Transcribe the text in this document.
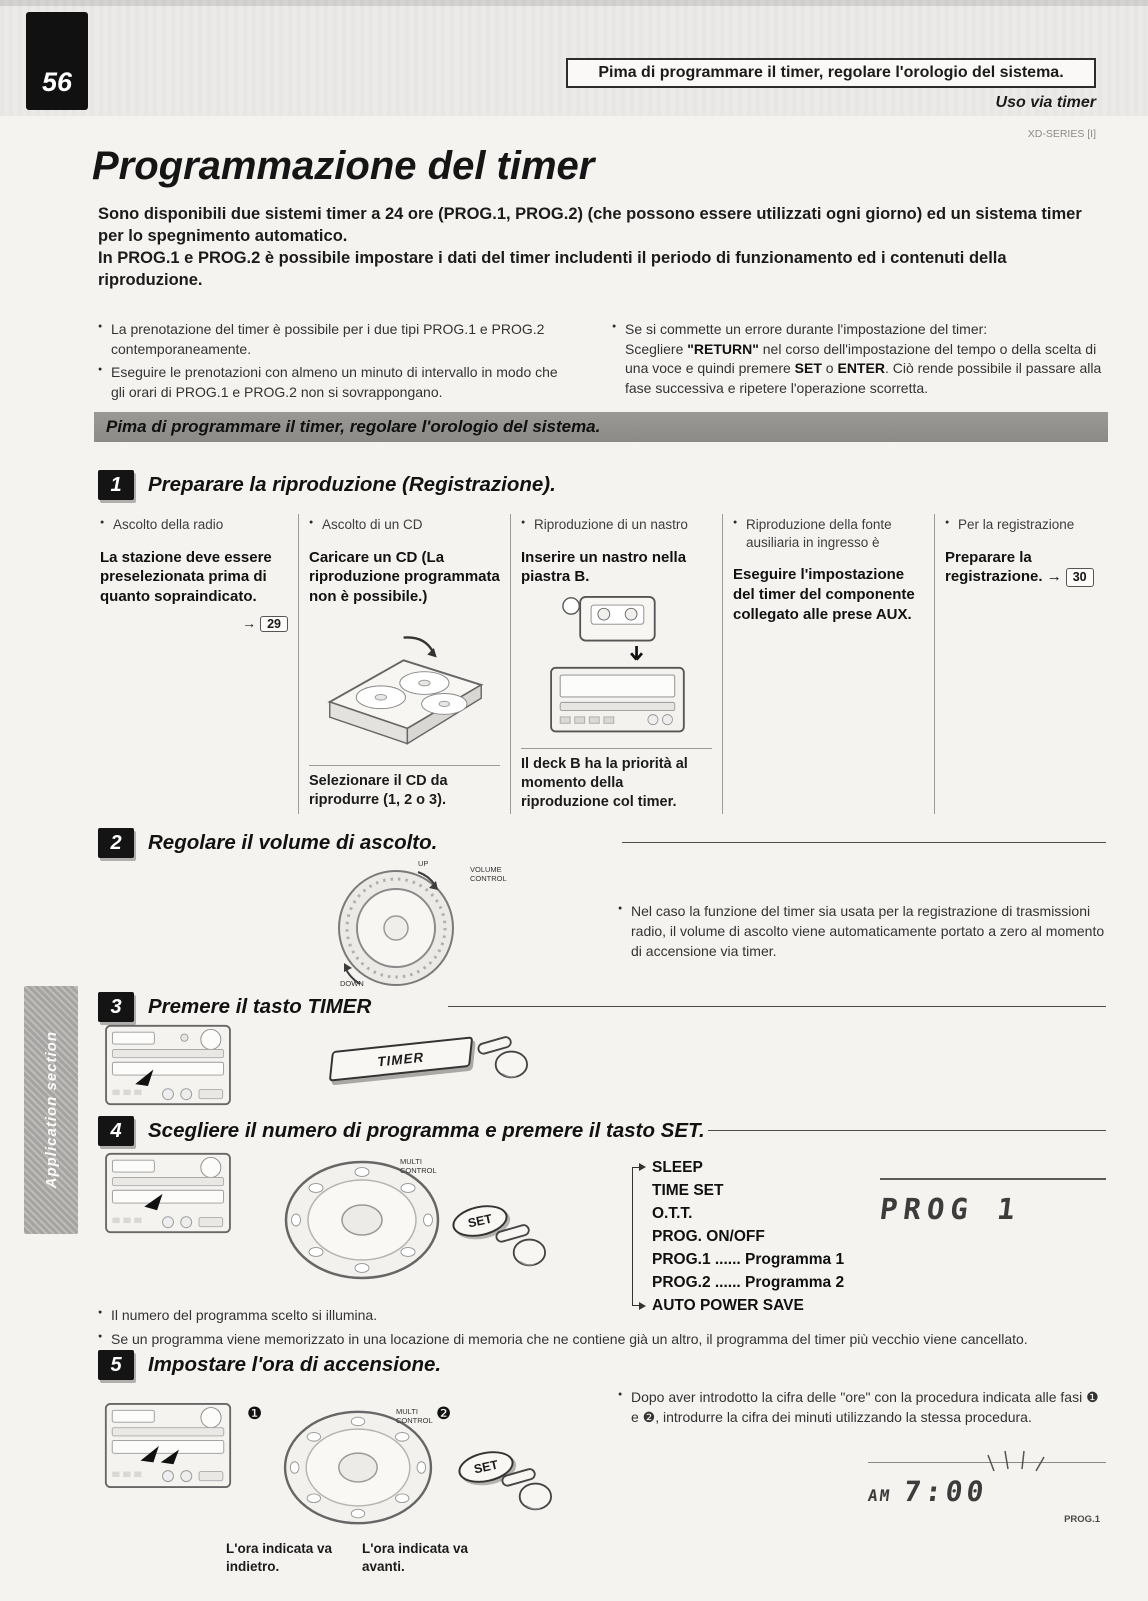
56	Pima di programmare il timer, regolare l'orologio del sistema.
Uso via timer
XD-SERIES [I]
Programmazione del timer

Sono disponibili due sistemi timer a 24 ore (PROG.1, PROG.2) (che possono essere utilizzati ogni giorno) ed un sistema timer per lo spegnimento automatico.

In PROG.1 e PROG.2 è possibile impostare i dati del timer includenti il periodo di funzionamento ed i contenuti della riproduzione.

● La prenotazione del timer è possibile per i due tipi PROG.1 e PROG.2 contemporaneamente.
● Eseguire le prenotazioni con almeno un minuto di intervallo in modo che gli orari di PROG.1 e PROG.2 non si sovrappongano.
● Se si commette un errore durante l'impostazione del timer:
Scegliere "RETURN" nel corso dell'impostazione del tempo o della scelta di una voce e quindi premere SET o ENTER. Ciò rende possibile il passare alla fase successiva e ripetere l'operazione scorretta.
Pima di programmare il timer, regolare l'orologio del sistema.
1	Preparare la riproduzione (Registrazione).
● Ascolto della radio
La stazione deve essere preselezionata prima di quanto sopraindicato.
→ 29
● Ascolto di un CD
Caricare un CD (La riproduzione programmata non è possibile.)
Selezionare il CD da riprodurre (1, 2 o 3).
● Riproduzione di un nastro
Inserire un nastro nella piastra B.
Il deck B ha la priorità al momento della riproduzione col timer.
● Riproduzione della fonte ausiliaria in ingresso è
Eseguire l'impostazione del timer del componente collegato alle prese AUX.
● Per la registrazione
Preparare la registrazione. → 30
2	Regolare il volume di ascolto.
UP
VOLUME CONTROL
DOWN
● Nel caso la funzione del timer sia usata per la registrazione di trasmissioni radio, il volume di ascolto viene automaticamente portato a zero al momento di accensione via timer.
3	Premere il tasto TIMER
TIMER
Application section	4	Scegliere il numero di programma e premere il tasto SET.
MULTI CONTROL
SET
SLEEP
TIME SET
O.T.T.
PROG. ON/OFF
PROG.1 ...... Programma 1
PROG.2 ...... Programma 2
AUTO POWER SAVE
PROG 1
● Il numero del programma scelto si illumina.
● Se un programma viene memorizzato in una locazione di memoria che ne contiene già un altro, il programma del timer più vecchio viene cancellato.
5	Impostare l'ora di accensione.
● Dopo aver introdotto la cifra delle "ore" con la procedura indicata alle fasi ❶ e ❷, introdurre la cifra dei minuti utilizzando la stessa procedura.
❶	❷
MULTI CONTROL
SET
AM 7:00
PROG.1
L'ora indicata va indietro.
L'ora indicata va avanti.
